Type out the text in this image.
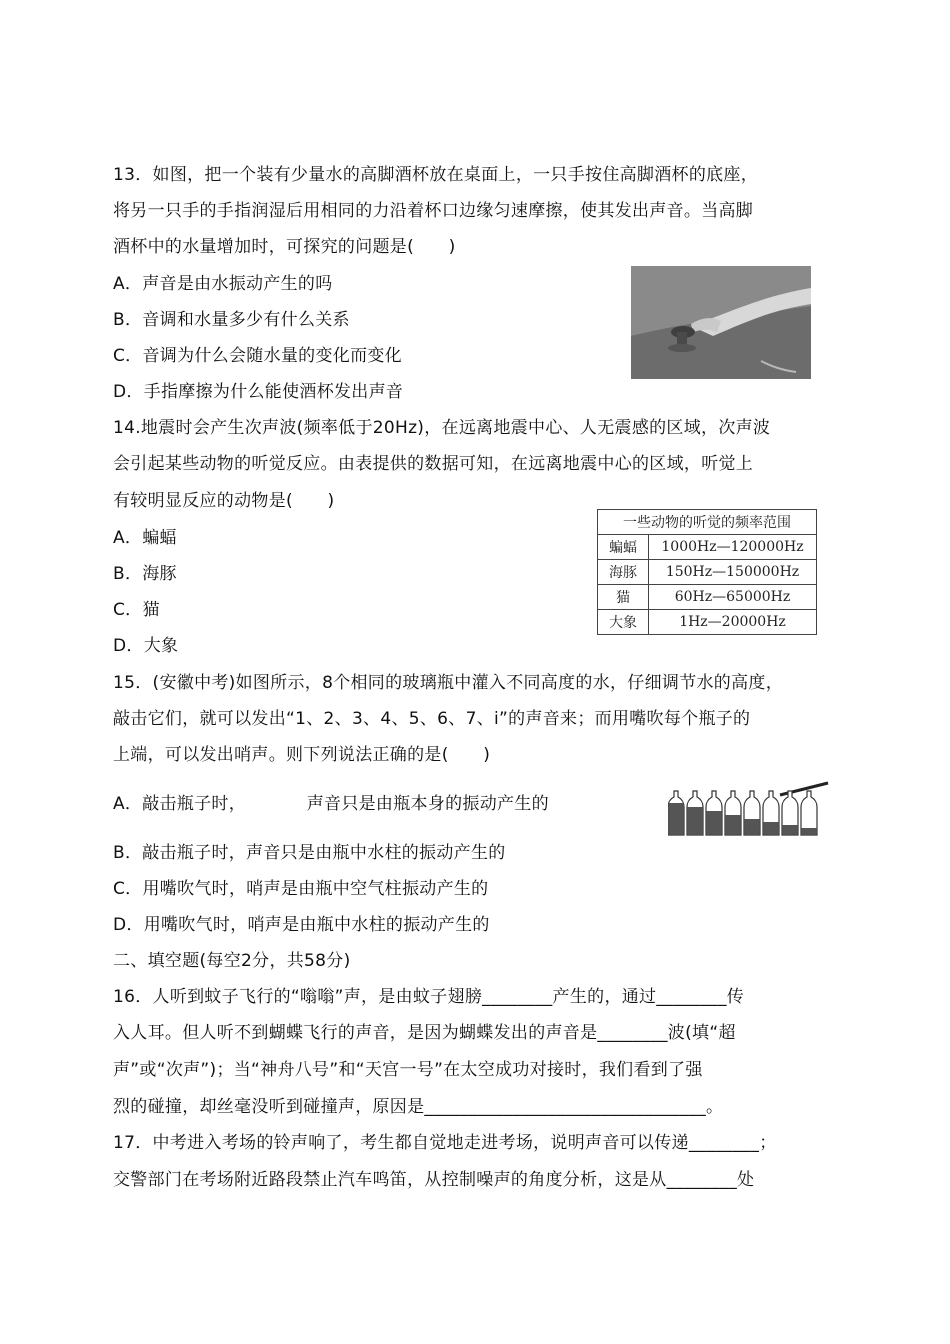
13．如图，把一个装有少量水的高脚酒杯放在桌面上，一只手按住高脚酒杯的底座，
将另一只手的手指润湿后用相同的力沿着杯口边缘匀速摩擦，使其发出声音。当高脚
酒杯中的水量增加时，可探究的问题是(　　)
A．声音是由水振动产生的吗
B．音调和水量多少有什么关系
C．音调为什么会随水量的变化而变化
D．手指摩擦为什么能使酒杯发出声音
14.地震时会产生次声波(频率低于20Hz)，在远离地震中心、人无震感的区域，次声波
会引起某些动物的听觉反应。由表提供的数据可知，在远离地震中心的区域，听觉上
有较明显反应的动物是(　　)
A．蝙蝠
B．海豚
C．猫
D．大象
一些动物的听觉的频率范围	
蝙蝠	1000Hz—120000Hz
海豚	150Hz—150000Hz
猫	60Hz—65000Hz
大象	1Hz—20000Hz
15．(安徽中考)如图所示，8个相同的玻璃瓶中灌入不同高度的水，仔细调节水的高度，
敲击它们，就可以发出“1、2、3、4、5、6、7、i”的声音来；而用嘴吹每个瓶子的
上端，可以发出哨声。则下列说法正确的是(　　)
A．敲击瓶子时，　　　　声音只是由瓶本身的振动产生的
B．敲击瓶子时，声音只是由瓶中水柱的振动产生的
C．用嘴吹气时，哨声是由瓶中空气柱振动产生的
D．用嘴吹气时，哨声是由瓶中水柱的振动产生的
二、填空题(每空2分，共58分)
16．人听到蚊子飞行的“嗡嗡”声，是由蚊子翅膀________产生的，通过________传
入人耳。但人听不到蝴蝶飞行的声音，是因为蝴蝶发出的声音是________波(填“超
声”或“次声”)；当“神舟八号”和“天宫一号”在太空成功对接时，我们看到了强
烈的碰撞，却丝毫没听到碰撞声，原因是________________________________。
17．中考进入考场的铃声响了，考生都自觉地走进考场，说明声音可以传递________；
交警部门在考场附近路段禁止汽车鸣笛，从控制噪声的角度分析，这是从________处
